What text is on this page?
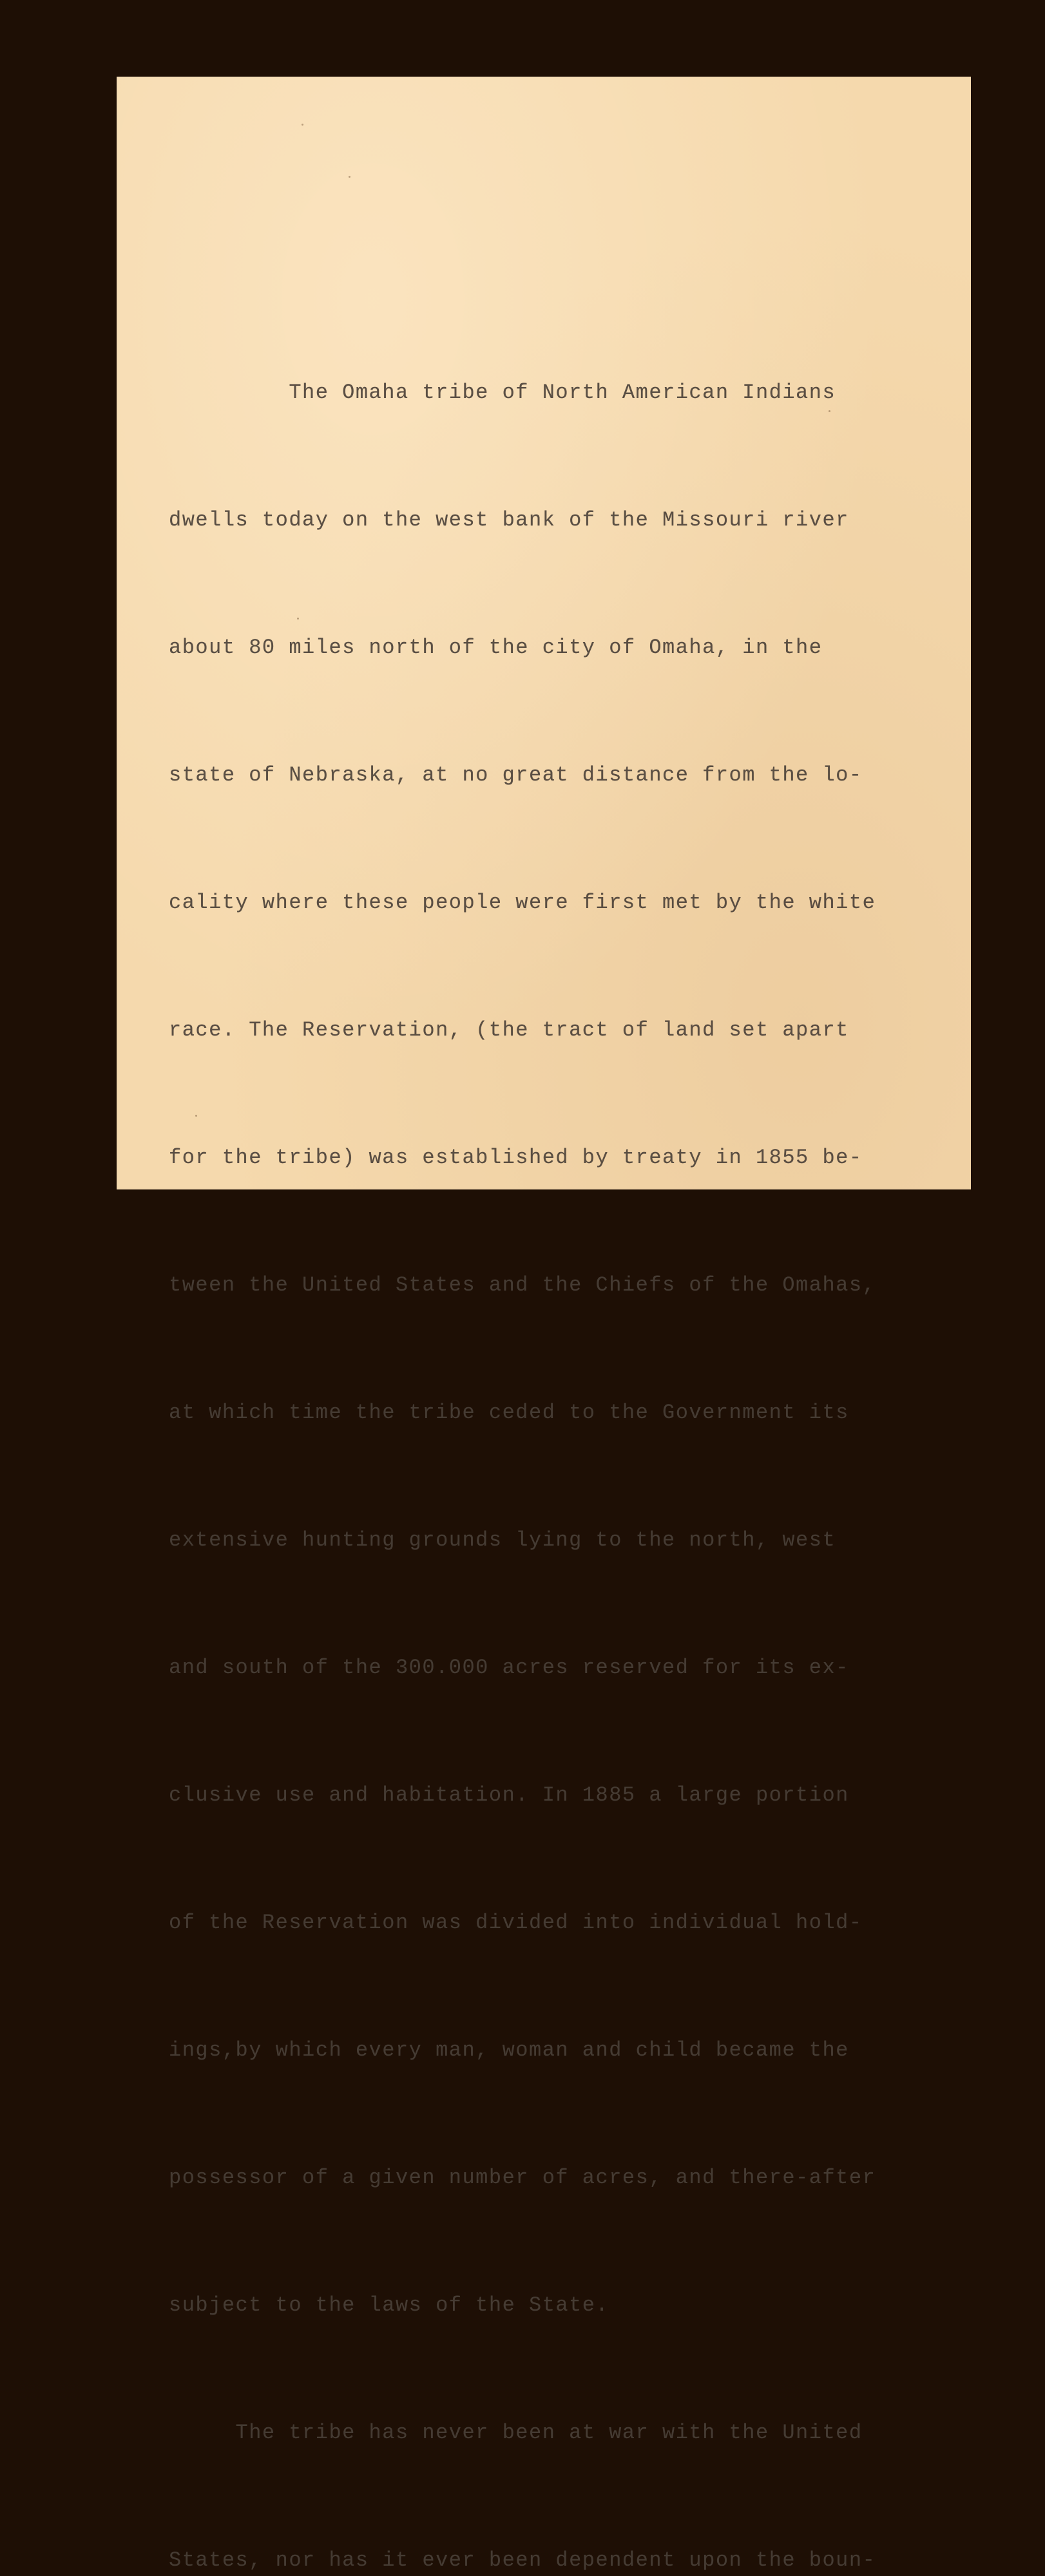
The Omaha tribe of North American Indians

dwells today on the west bank of the Missouri river

about 80 miles north of the city of Omaha, in the

state of Nebraska, at no great distance from the lo-

cality where these people were first met by the white

race. The Reservation, (the tract of land set apart

for the tribe) was established by treaty in 1855 be-

tween the United States and the Chiefs of the Omahas,

at which time the tribe ceded to the Government its

extensive hunting grounds lying to the north, west

and south of the 300.000 acres reserved for its ex-

clusive use and habitation. In 1885 a large portion

of the Reservation was divided into individual hold-

ings,by which every man, woman and child became the

possessor of a given number of acres, and there-after

subject to the laws of the State.

The tribe has never been at war with the United

States, nor has it ever been dependent upon the boun-
